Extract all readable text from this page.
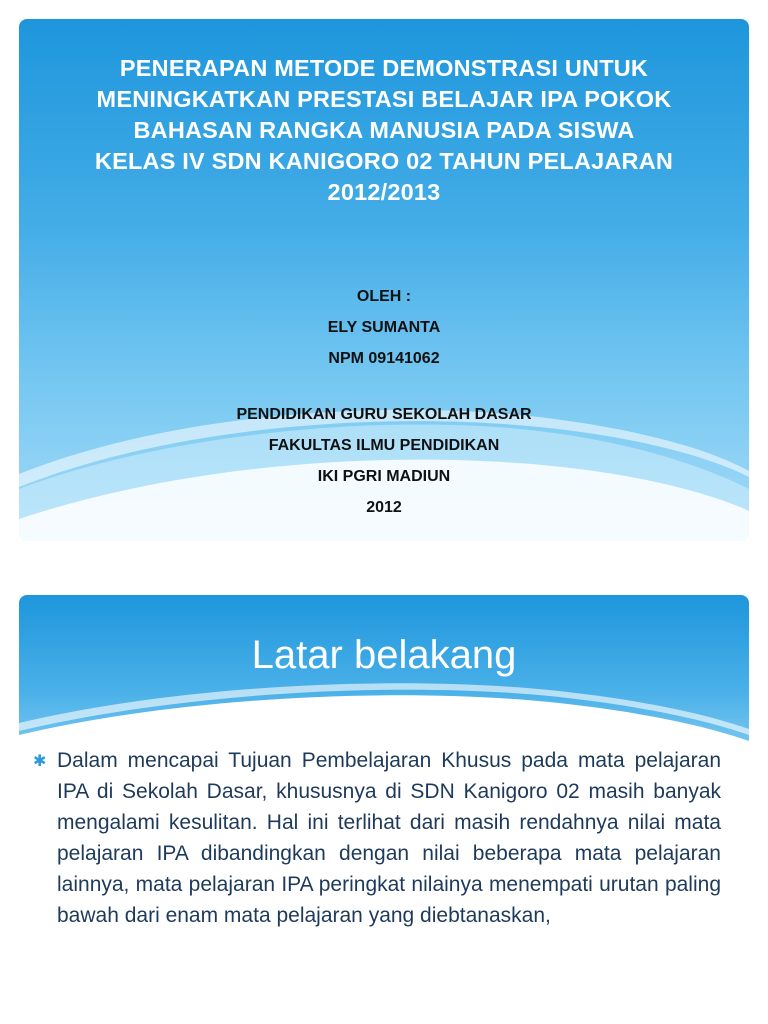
PENERAPAN METODE DEMONSTRASI UNTUK
MENINGKATKAN PRESTASI BELAJAR IPA POKOK
BAHASAN RANGKA MANUSIA PADA SISWA
KELAS IV SDN KANIGORO 02 TAHUN PELAJARAN
2012/2013
OLEH :
ELY SUMANTA
NPM 09141062
PENDIDIKAN GURU SEKOLAH DASAR
FAKULTAS ILMU PENDIDIKAN
IKI PGRI MADIUN
2012
Latar belakang
✱ Dalam mencapai Tujuan Pembelajaran Khusus pada mata pelajaran IPA di Sekolah Dasar, khususnya di SDN Kanigoro 02 masih banyak mengalami kesulitan. Hal ini terlihat dari masih rendahnya nilai mata pelajaran IPA dibandingkan dengan nilai beberapa mata pelajaran lainnya, mata pelajaran IPA peringkat nilainya menempati urutan paling bawah dari enam mata pelajaran yang diebtanaskan,
